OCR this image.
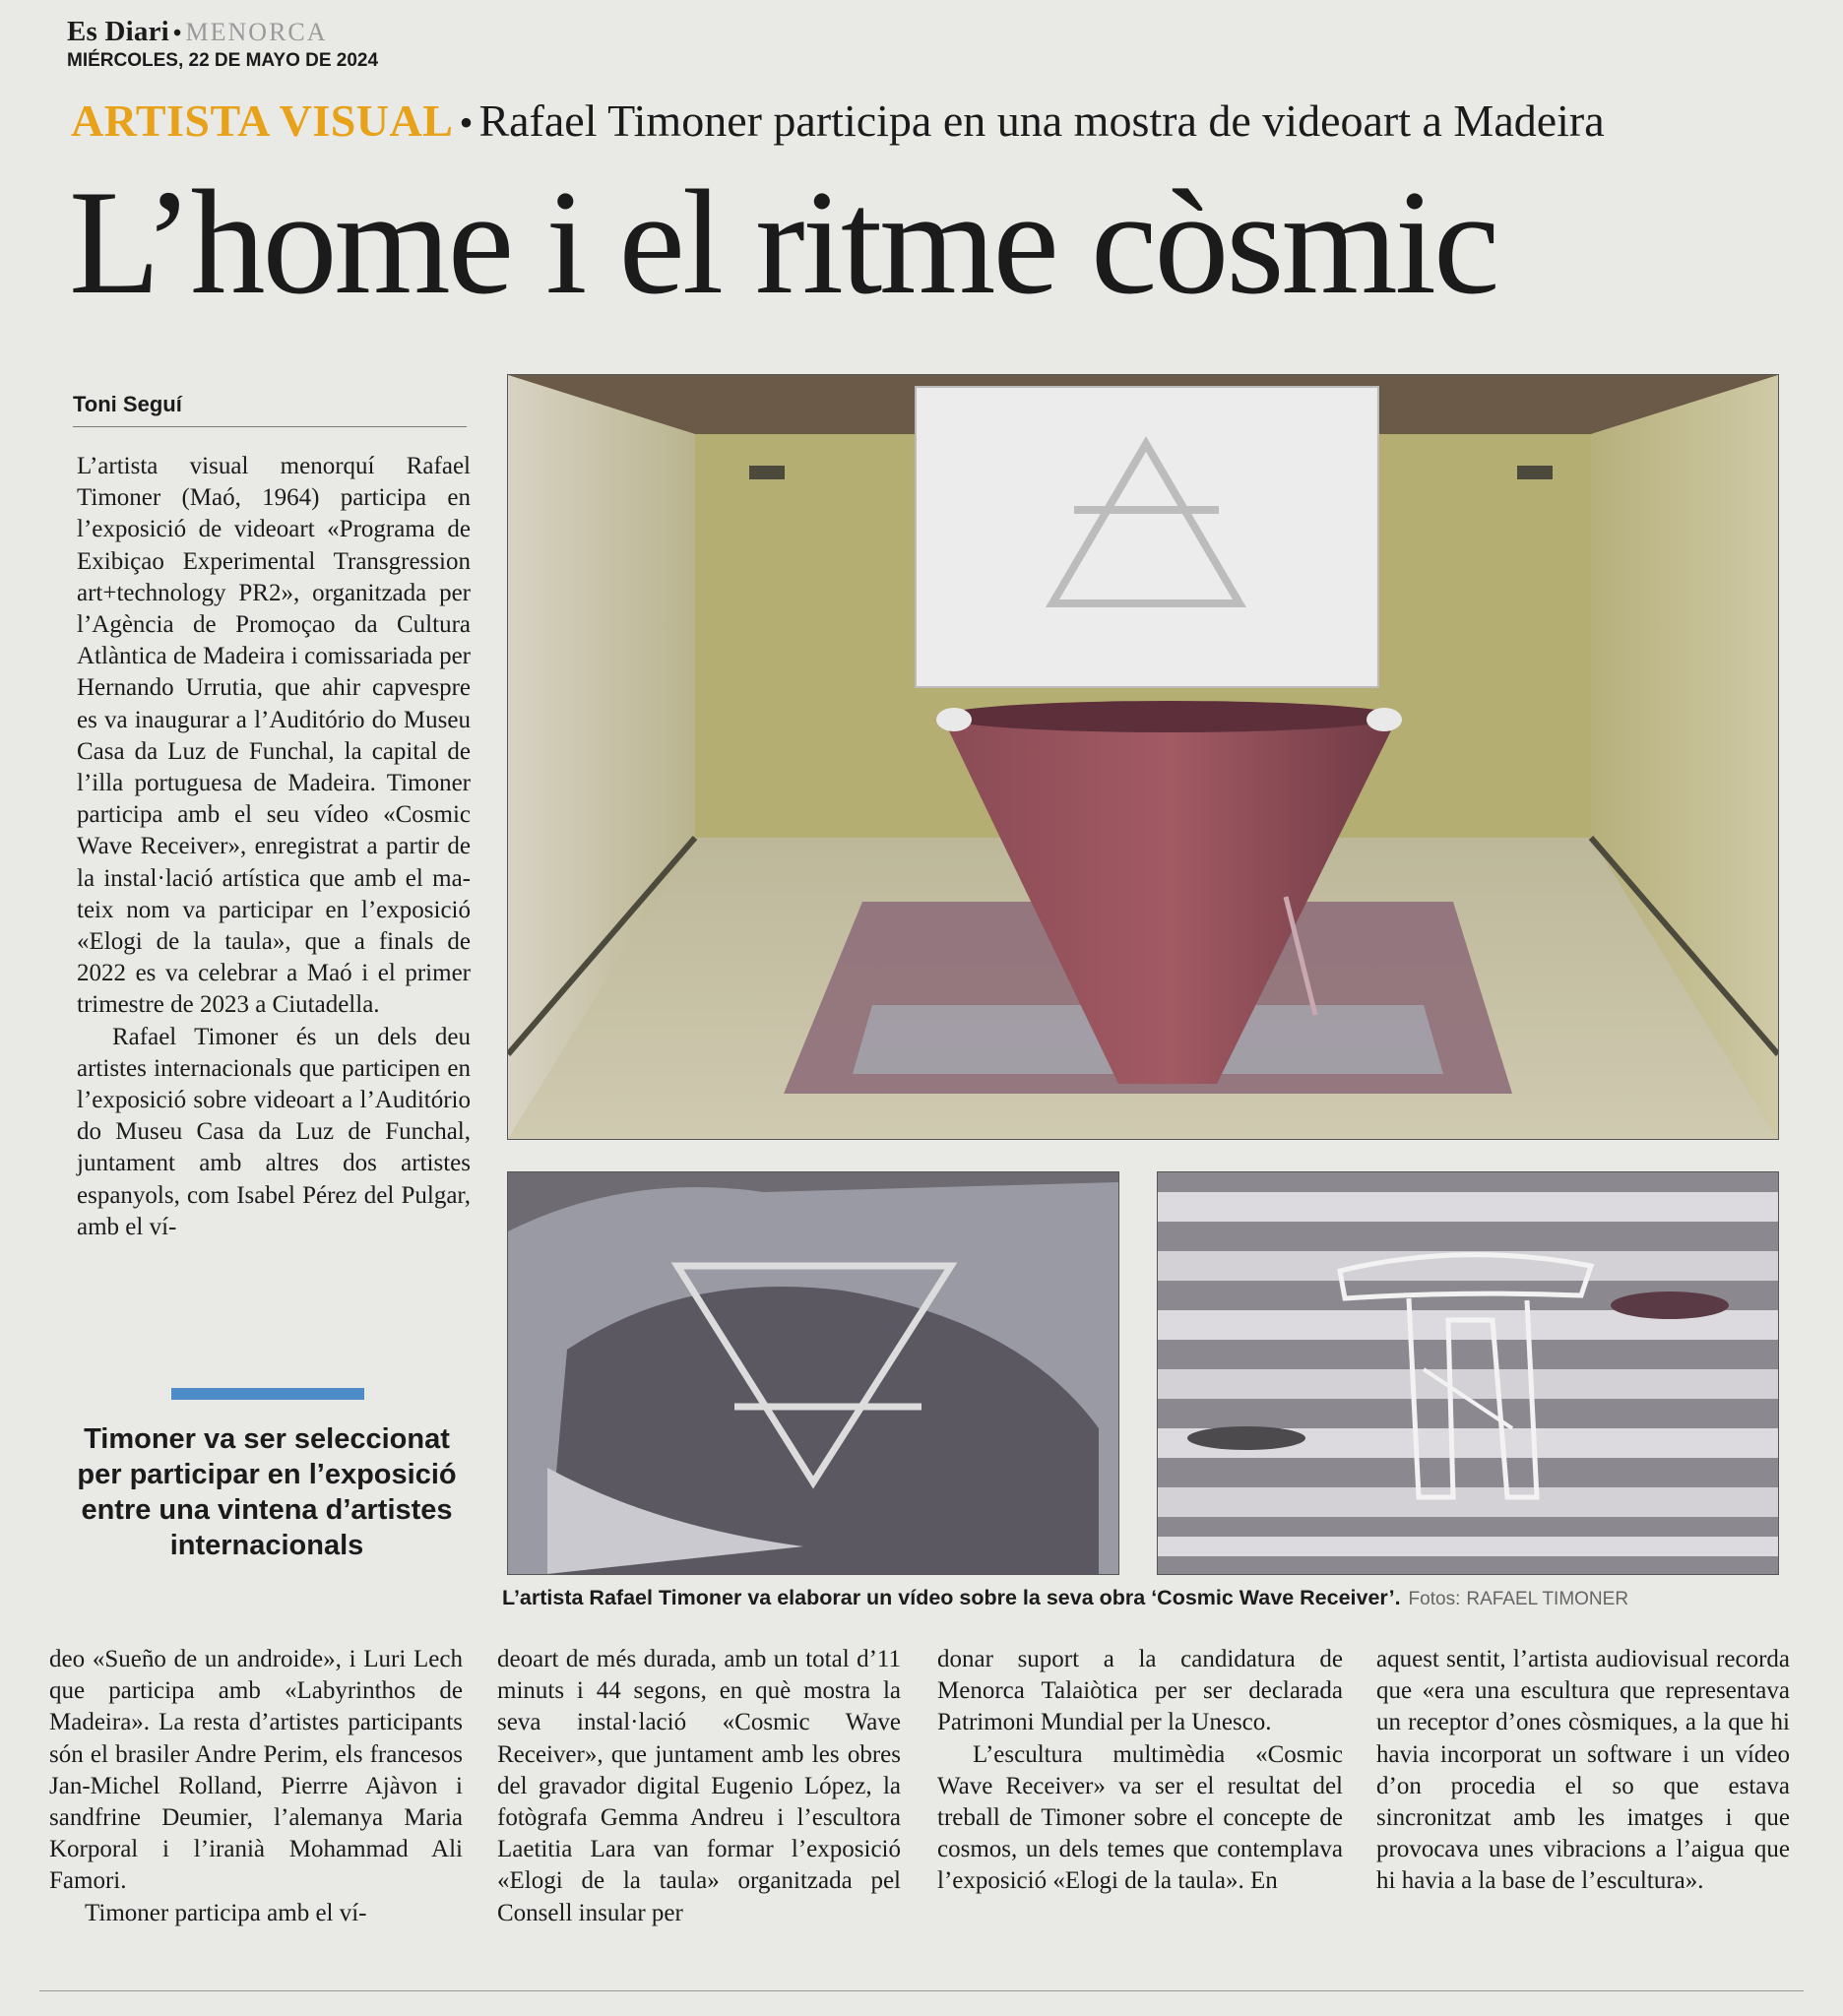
Es Diari • MENORCA
MIÉRCOLES, 22 DE MAYO DE 2024
ARTISTA VISUAL • Rafael Timoner participa en una mostra de videoart a Madeira
L’home i el ritme còsmic
Toni Seguí

L’artista visual menorquí Rafael Timoner (Maó, 1964) participa en l’exposició de videoart «Programa de Exibiçao Experimental Transgression art+technology PR2», organitzada per l’Agència de Promoçao da Cultura Atlàntica de Madeira i comissariada per Hernando Urrutia, que ahir capvespre es va inaugurar a l’Auditório do Museu Casa da Luz de Funchal, la capital de l’illa portuguesa de Madeira. Timoner participa amb el seu vídeo «Cosmic Wave Receiver», enregistrat a partir de la instal·lació artística que amb el mateix nom va participar en l’exposició «Elogi de la taula», que a finals de 2022 es va celebrar a Maó i el primer trimestre de 2023 a Ciutadella.

Rafael Timoner és un dels deu artistes internacionals que participen en l’exposició sobre videoart a l’Auditório do Museu Casa da Luz de Funchal, juntament amb altres dos artistes espanyols, com Isabel Pérez del Pulgar, amb el ví-

Timoner va ser seleccionat per participar en l’exposició entre una vintena d’artistes internacionals
L’artista Rafael Timoner va elaborar un vídeo sobre la seva obra ‘Cosmic Wave Receiver’. Fotos: RAFAEL TIMONER

deo «Sueño de un androide», i Luri Lech que participa amb «Labyrinthos de Madeira». La resta d’artistes participants són el brasiler Andre Perim, els francesos Jan-Michel Rolland, Pierrre Ajàvon i sandfrine Deumier, l’alemanya Maria Korporal i l’iranià Mohammad Ali Famori.

Timoner participa amb el ví-

deoart de més durada, amb un total d’11 minuts i 44 segons, en què mostra la seva instal·lació «Cosmic Wave Receiver», que juntament amb les obres del gravador digital Eugenio López, la fotògrafa Gemma Andreu i l’escultora Laetitia Lara van formar l’exposició «Elogi de la taula» organitzada pel Consell insular per

donar suport a la candidatura de Menorca Talaiòtica per ser declarada Patrimoni Mundial per la Unesco.

L’escultura multimèdia «Cosmic Wave Receiver» va ser el resultat del treball de Timoner sobre el concepte de cosmos, un dels temes que contemplava l’exposició «Elogi de la taula». En

aquest sentit, l’artista audiovisual recorda que «era una escultura que representava un receptor d’ones còsmiques, a la que hi havia incorporat un software i un vídeo d’on procedia el so que estava sincronitzat amb les imatges i que provocava unes vibracions a l’aigua que hi havia a la base de l’escultura».
